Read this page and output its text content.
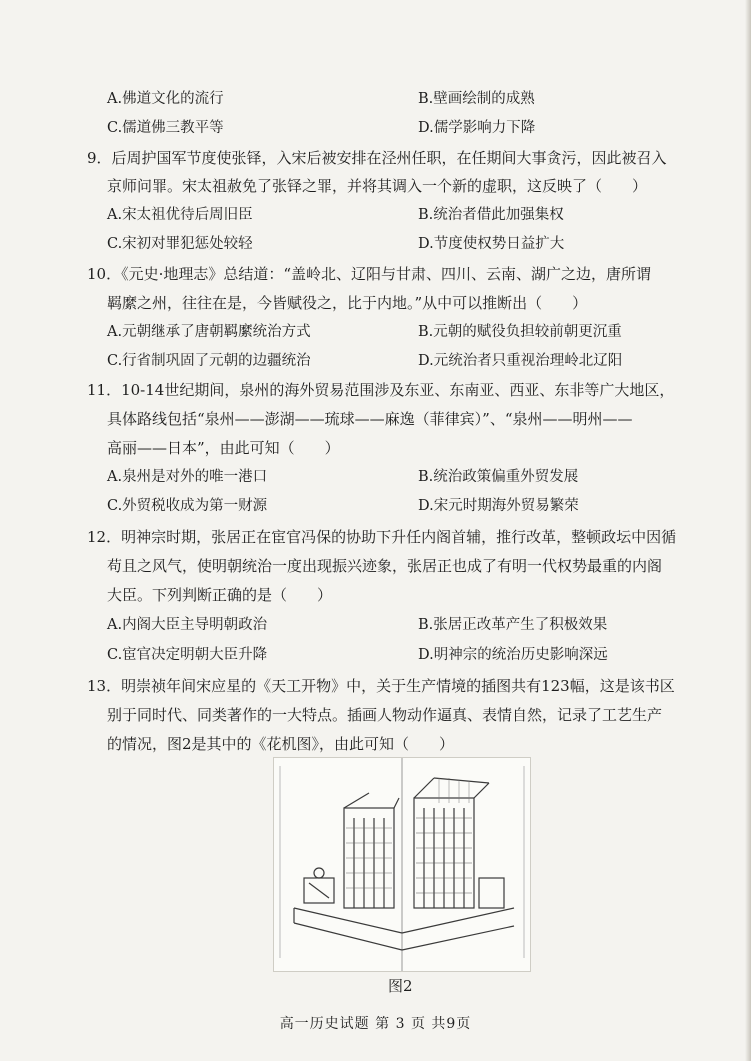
A.佛道文化的流行	B.壁画绘制的成熟
C.儒道佛三教平等	D.儒学影响力下降
9．后周护国军节度使张铎，入宋后被安排在泾州任职，在任期间大事贪污，因此被召入
京师问罪。宋太祖赦免了张铎之罪，并将其调入一个新的虚职，这反映了（　　）
A.宋太祖优待后周旧臣	B.统治者借此加强集权
C.宋初对罪犯惩处较轻	D.节度使权势日益扩大
10．《元史·地理志》总结道：“盖岭北、辽阳与甘肃、四川、云南、湖广之边，唐所谓
羁縻之州，往往在是，今皆赋役之，比于内地。”从中可以推断出（　　）
A.元朝继承了唐朝羁縻统治方式	B.元朝的赋役负担较前朝更沉重
C.行省制巩固了元朝的边疆统治	D.元统治者只重视治理岭北辽阳
11．10-14世纪期间，泉州的海外贸易范围涉及东亚、东南亚、西亚、东非等广大地区，
具体路线包括“泉州——澎湖——琉球——麻逸（菲律宾）”、“泉州——明州——
高丽——日本”，由此可知（　　）
A.泉州是对外的唯一港口	B.统治政策偏重外贸发展
C.外贸税收成为第一财源	D.宋元时期海外贸易繁荣
12．明神宗时期，张居正在宦官冯保的协助下升任内阁首辅，推行改革，整顿政坛中因循
苟且之风气，使明朝统治一度出现振兴迹象，张居正也成了有明一代权势最重的内阁
大臣。下列判断正确的是（　　）
A.内阁大臣主导明朝政治	B.张居正改革产生了积极效果
C.宦官决定明朝大臣升降	D.明神宗的统治历史影响深远
13．明崇祯年间宋应星的《天工开物》中，关于生产情境的插图共有123幅，这是该书区
别于同时代、同类著作的一大特点。插画人物动作逼真、表情自然，记录了工艺生产
的情况，图2是其中的《花机图》，由此可知（　　）
图2
高一历史试题 第 3 页 共9页
